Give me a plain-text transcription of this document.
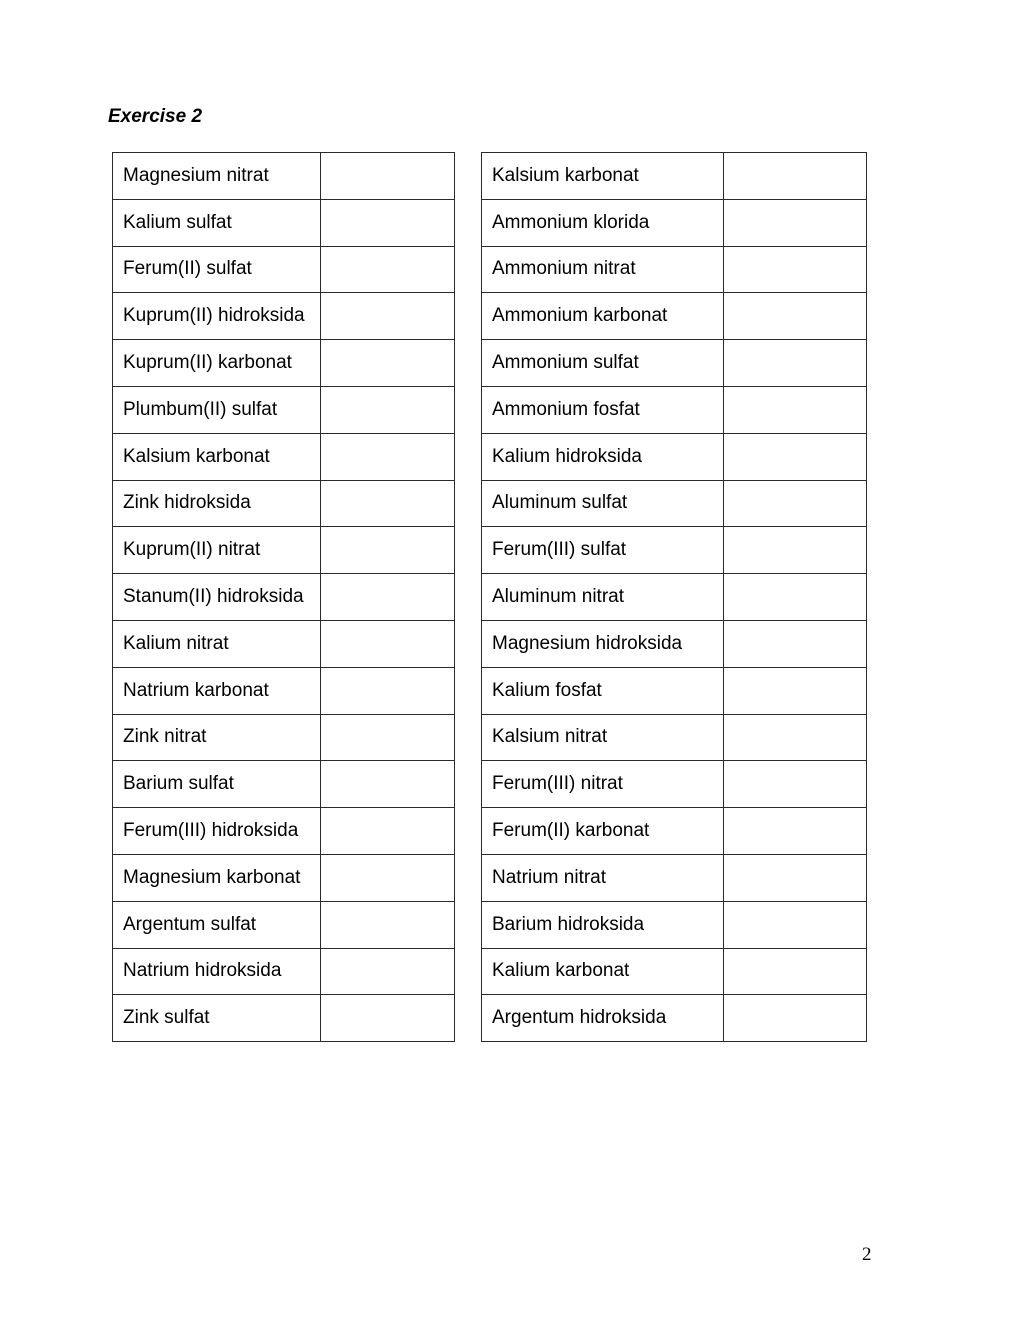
Exercise 2
Magnesium nitrat	
Kalium sulfat	
Ferum(II) sulfat	
Kuprum(II) hidroksida	
Kuprum(II) karbonat	
Plumbum(II) sulfat	
Kalsium karbonat	
Zink hidroksida	
Kuprum(II) nitrat	
Stanum(II) hidroksida	
Kalium nitrat	
Natrium karbonat	
Zink nitrat	
Barium sulfat	
Ferum(III) hidroksida	
Magnesium karbonat	
Argentum sulfat	
Natrium hidroksida	
Zink sulfat	
Kalsium karbonat	
Ammonium klorida	
Ammonium nitrat	
Ammonium karbonat	
Ammonium sulfat	
Ammonium fosfat	
Kalium hidroksida	
Aluminum sulfat	
Ferum(III) sulfat	
Aluminum nitrat	
Magnesium hidroksida	
Kalium fosfat	
Kalsium nitrat	
Ferum(III) nitrat	
Ferum(II) karbonat	
Natrium nitrat	
Barium hidroksida	
Kalium karbonat	
Argentum hidroksida	
2
